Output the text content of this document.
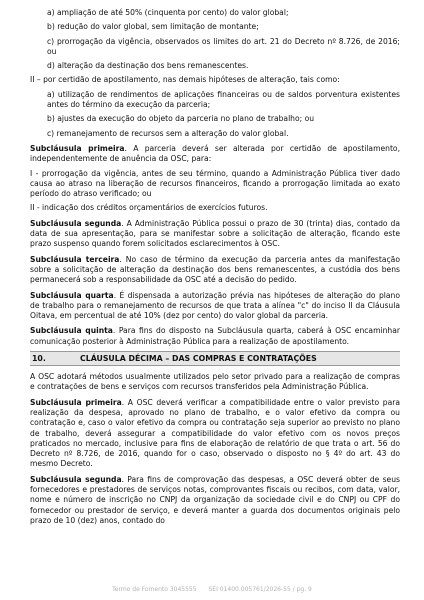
a) ampliação de até 50% (cinquenta por cento) do valor global;

b) redução do valor global, sem limitação de montante;

c) prorrogação da vigência, observados os limites do art. 21 do Decreto nº 8.726, de 2016; ou

d) alteração da destinação dos bens remanescentes.

II – por certidão de apostilamento, nas demais hipóteses de alteração, tais como:

a) utilização de rendimentos de aplicações financeiras ou de saldos porventura existentes antes do término da execução da parceria;

b) ajustes da execução do objeto da parceria no plano de trabalho; ou

c) remanejamento de recursos sem a alteração do valor global.

Subcláusula primeira. A parceria deverá ser alterada por certidão de apostilamento, independentemente de anuência da OSC, para:

I - prorrogação da vigência, antes de seu término, quando a Administração Pública tiver dado causa ao atraso na liberação de recursos financeiros, ficando a prorrogação limitada ao exato período do atraso verificado; ou

II - indicação dos créditos orçamentários de exercícios futuros.

Subcláusula segunda. A Administração Pública possui o prazo de 30 (trinta) dias, contado da data de sua apresentação, para se manifestar sobre a solicitação de alteração, ficando este prazo suspenso quando forem solicitados esclarecimentos à OSC.

Subcláusula terceira. No caso de término da execução da parceria antes da manifestação sobre a solicitação de alteração da destinação dos bens remanescentes, a custódia dos bens permanecerá sob a responsabilidade da OSC até a decisão do pedido.

Subcláusula quarta. É dispensada a autorização prévia nas hipóteses de alteração do plano de trabalho para o remanejamento de recursos de que trata a alínea "c" do inciso II da Cláusula Oitava, em percentual de até 10% (dez por cento) do valor global da parceria.

Subcláusula quinta. Para fins do disposto na Subcláusula quarta, caberá à OSC encaminhar comunicação posterior à Administração Pública para a realização de apostilamento.

10.	CLÁUSULA DÉCIMA – DAS COMPRAS E CONTRATAÇÕES

A OSC adotará métodos usualmente utilizados pelo setor privado para a realização de compras e contratações de bens e serviços com recursos transferidos pela Administração Pública.

Subcláusula primeira. A OSC deverá verificar a compatibilidade entre o valor previsto para realização da despesa, aprovado no plano de trabalho, e o valor efetivo da compra ou contratação e, caso o valor efetivo da compra ou contratação seja superior ao previsto no plano de trabalho, deverá assegurar a compatibilidade do valor efetivo com os novos preços praticados no mercado, inclusive para fins de elaboração de relatório de que trata o art. 56 do Decreto nº 8.726, de 2016, quando for o caso, observado o disposto no § 4º do art. 43 do mesmo Decreto.

Subcláusula segunda. Para fins de comprovação das despesas, a OSC deverá obter de seus fornecedores e prestadores de serviços notas, comprovantes fiscais ou recibos, com data, valor, nome e número de inscrição no CNPJ da organização da sociedade civil e do CNPJ ou CPF do fornecedor ou prestador de serviço, e deverá manter a guarda dos documentos originais pelo prazo de 10 (dez) anos, contado do

Termo de Fomento 3045555 SEI 01400.005761/2026-55 / pg. 9
